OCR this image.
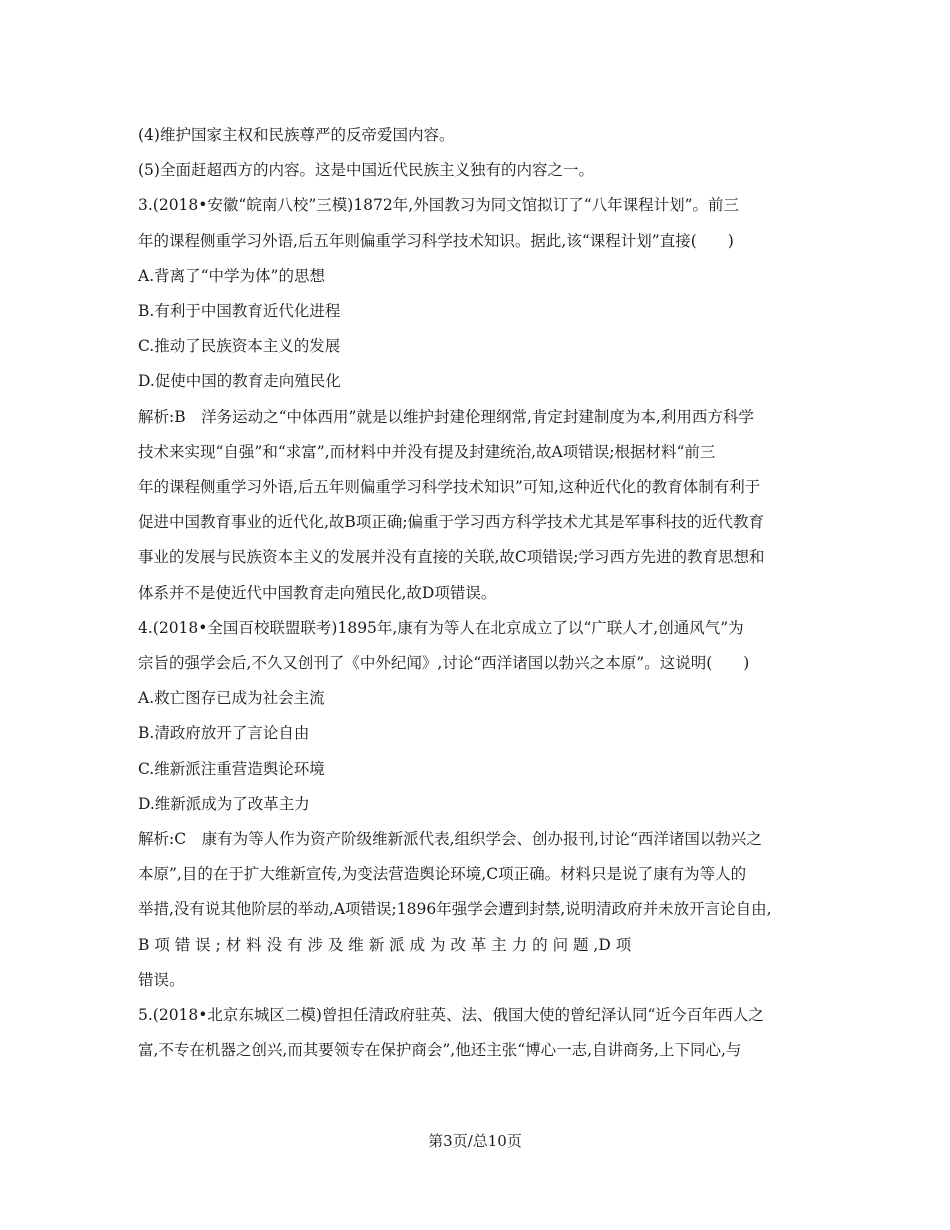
(4)维护国家主权和民族尊严的反帝爱国内容。
(5)全面赶超西方的内容。这是中国近代民族主义独有的内容之一。
3.(2018•安徽“皖南八校”三模)1872年,外国教习为同文馆拟订了“八年课程计划”。前三
年的课程侧重学习外语,后五年则偏重学习科学技术知识。据此,该“课程计划”直接(　　)
A.背离了“中学为体”的思想
B.有利于中国教育近代化进程
C.推动了民族资本主义的发展
D.促使中国的教育走向殖民化
解析:B　洋务运动之“中体西用”就是以维护封建伦理纲常,肯定封建制度为本,利用西方科学
技术来实现“自强”和“求富”,而材料中并没有提及封建统治,故A项错误;根据材料“前三
年的课程侧重学习外语,后五年则偏重学习科学技术知识”可知,这种近代化的教育体制有利于
促进中国教育事业的近代化,故B项正确;偏重于学习西方科学技术尤其是军事科技的近代教育
事业的发展与民族资本主义的发展并没有直接的关联,故C项错误;学习西方先进的教育思想和
体系并不是使近代中国教育走向殖民化,故D项错误。
4.(2018•全国百校联盟联考)1895年,康有为等人在北京成立了以“广联人才,创通风气”为
宗旨的强学会后,不久又创刊了《中外纪闻》,讨论“西洋诸国以勃兴之本原”。这说明(　　)
A.救亡图存已成为社会主流
B.清政府放开了言论自由
C.维新派注重营造舆论环境
D.维新派成为了改革主力
解析:C　康有为等人作为资产阶级维新派代表,组织学会、创办报刊,讨论“西洋诸国以勃兴之
本原”,目的在于扩大维新宣传,为变法营造舆论环境,C项正确。材料只是说了康有为等人的
举措,没有说其他阶层的举动,A项错误;1896年强学会遭到封禁,说明清政府并未放开言论自由,
B 项 错 误 ; 材 料 没 有 涉 及 维 新 派 成 为 改 革 主 力 的 问 题 ,D 项
错误。
5.(2018•北京东城区二模)曾担任清政府驻英、法、俄国大使的曾纪泽认同“近今百年西人之
富,不专在机器之创兴,而其要领专在保护商会”,他还主张“博心一志,自讲商务,上下同心,与
第3页/总10页
